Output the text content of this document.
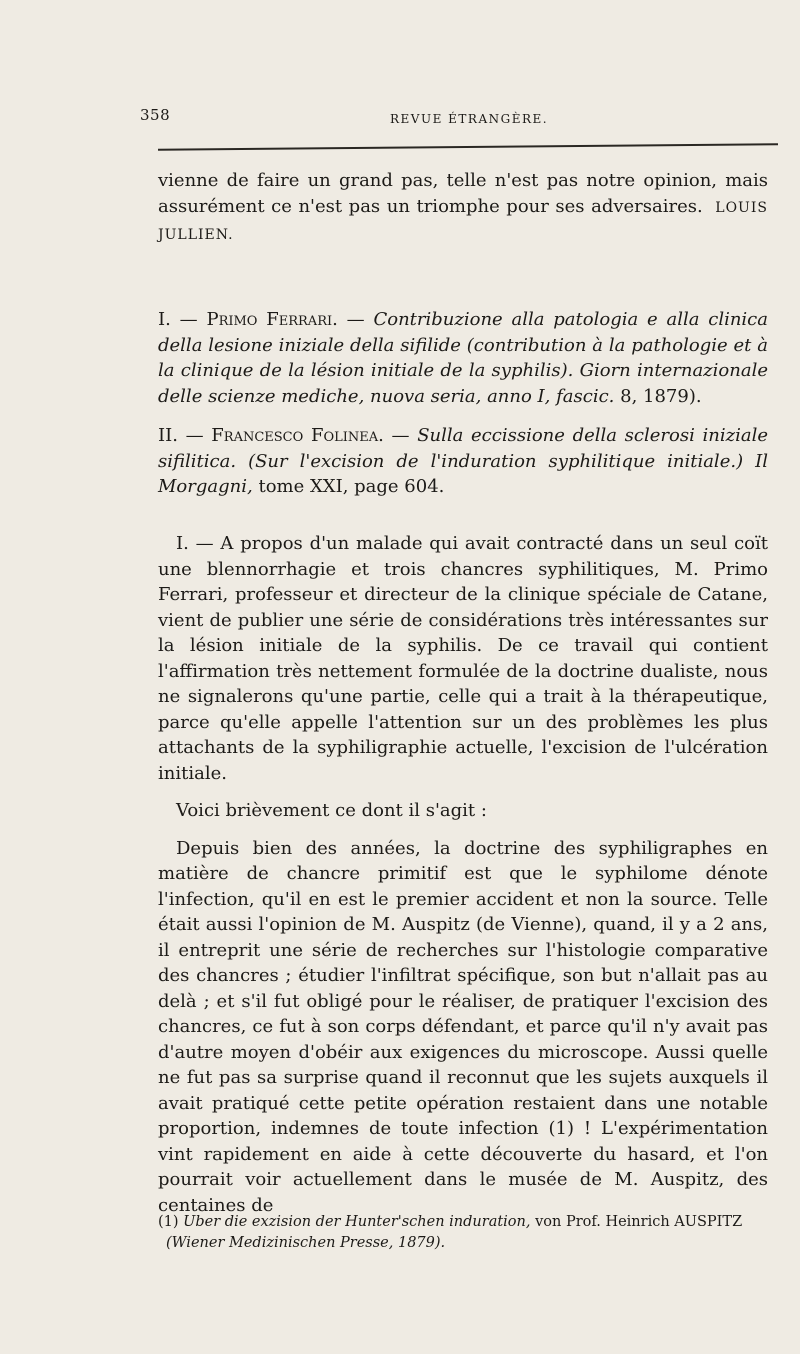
358	REVUE ÉTRANGÈRE.

vienne de faire un grand pas, telle n'est pas notre opinion, mais assurément ce n'est pas un triomphe pour ses adversaires. LOUIS JULLIEN.

I. — Primo Ferrari. — Contribuzione alla patologia e alla clinica della lesione iniziale della sifilide (contribution à la pathologie et à la clinique de la lésion initiale de la syphilis). Giorn internazionale delle scienze mediche, nuova seria, anno I, fascic. 8, 1879).

II. — Francesco Folinea. — Sulla eccissione della sclerosi iniziale sifilitica. (Sur l'excision de l'induration syphilitique initiale.) Il Morgagni, tome XXI, page 604.

I. — A propos d'un malade qui avait contracté dans un seul coït une blennorrhagie et trois chancres syphilitiques, M. Primo Ferrari, professeur et directeur de la clinique spéciale de Catane, vient de publier une série de considérations très intéressantes sur la lésion initiale de la syphilis. De ce travail qui contient l'affirmation très nettement formulée de la doctrine dualiste, nous ne signalerons qu'une partie, celle qui a trait à la thérapeutique, parce qu'elle appelle l'attention sur un des problèmes les plus attachants de la syphiligraphie actuelle, l'excision de l'ulcération initiale.

Voici brièvement ce dont il s'agit :

Depuis bien des années, la doctrine des syphiligraphes en matière de chancre primitif est que le syphilome dénote l'infection, qu'il en est le premier accident et non la source. Telle était aussi l'opinion de M. Auspitz (de Vienne), quand, il y a 2 ans, il entreprit une série de recherches sur l'histologie comparative des chancres ; étudier l'infiltrat spécifique, son but n'allait pas au delà ; et s'il fut obligé pour le réaliser, de pratiquer l'excision des chancres, ce fut à son corps défendant, et parce qu'il n'y avait pas d'autre moyen d'obéir aux exigences du microscope. Aussi quelle ne fut pas sa surprise quand il reconnut que les sujets auxquels il avait pratiqué cette petite opération restaient dans une notable proportion, indemnes de toute infection (1) ! L'expérimentation vint rapidement en aide à cette découverte du hasard, et l'on pourrait voir actuellement dans le musée de M. Auspitz, des centaines de

(1) Uber die exzision der Hunter'schen induration, von Prof. Heinrich AUSPITZ
(Wiener Medizinischen Presse, 1879).
